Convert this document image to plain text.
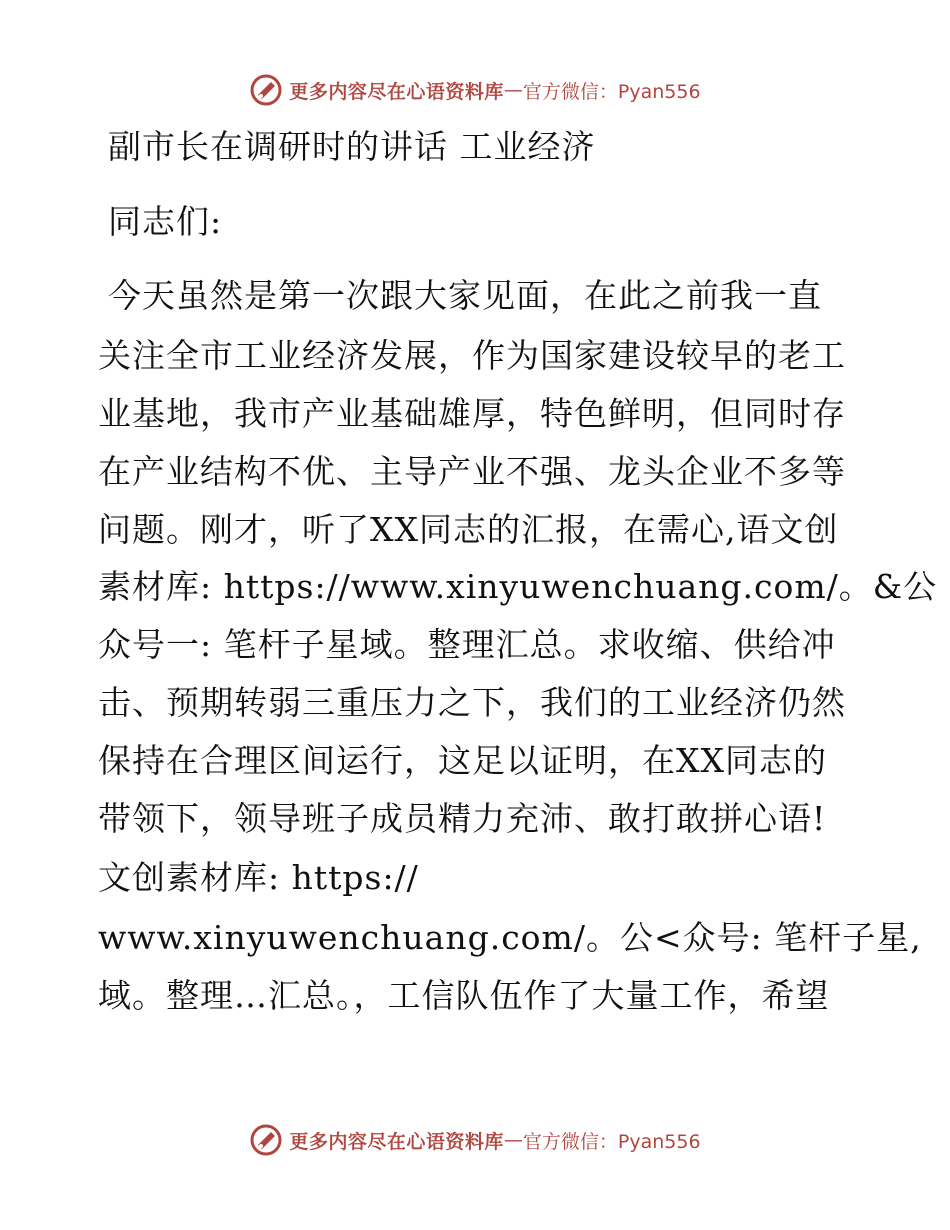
更多内容尽在心语资料库 — 官方微信：Pyan556
副市长在调研时的讲话 工业经济
同志们:
今天虽然是第一次跟大家见面，在此之前我一直
关注全市工业经济发展，作为国家建设较早的老工
业基地，我市产业基础雄厚，特色鲜明，但同时存
在产业结构不优、主导产业不强、龙头企业不多等
问题。刚才，听了XX同志的汇报，在需心,语文创
素材库: https://www.xinyuwenchuang.com/。&公
众号一: 笔杆子星域。整理汇总。求收缩、供给冲
击、预期转弱三重压力之下，我们的工业经济仍然
保持在合理区间运行，这足以证明，在XX同志的
带领下，领导班子成员精力充沛、敢打敢拼心语!
文创素材库: https://
www.xinyuwenchuang.com/。公<众号: 笔杆子星,
域。整理…汇总。，工信队伍作了大量工作，希望
更多内容尽在心语资料库 — 官方微信：Pyan556
